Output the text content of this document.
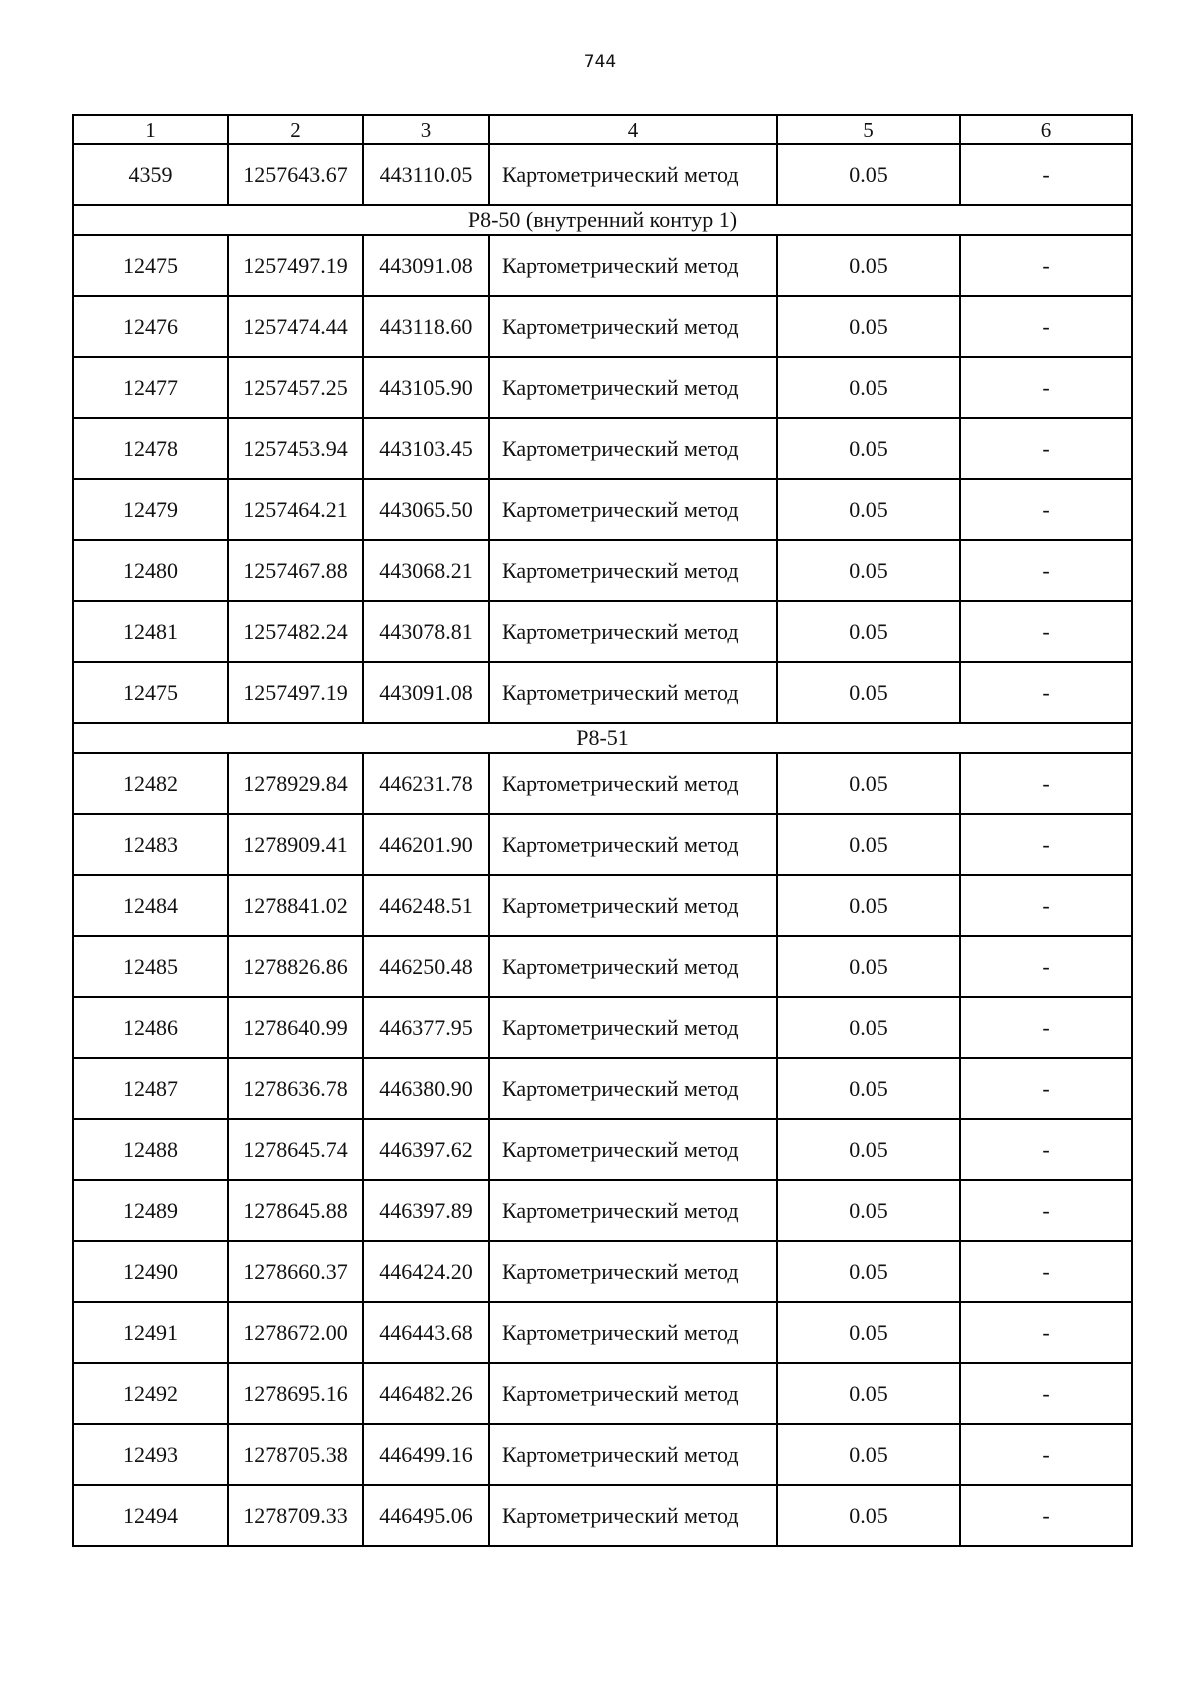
744
1	2	3	4	5	6
4359	1257643.67	443110.05	Картометрический метод	0.05	-
Р8-50 (внутренний контур 1)					
12475	1257497.19	443091.08	Картометрический метод	0.05	-
12476	1257474.44	443118.60	Картометрический метод	0.05	-
12477	1257457.25	443105.90	Картометрический метод	0.05	-
12478	1257453.94	443103.45	Картометрический метод	0.05	-
12479	1257464.21	443065.50	Картометрический метод	0.05	-
12480	1257467.88	443068.21	Картометрический метод	0.05	-
12481	1257482.24	443078.81	Картометрический метод	0.05	-
12475	1257497.19	443091.08	Картометрический метод	0.05	-
Р8-51					
12482	1278929.84	446231.78	Картометрический метод	0.05	-
12483	1278909.41	446201.90	Картометрический метод	0.05	-
12484	1278841.02	446248.51	Картометрический метод	0.05	-
12485	1278826.86	446250.48	Картометрический метод	0.05	-
12486	1278640.99	446377.95	Картометрический метод	0.05	-
12487	1278636.78	446380.90	Картометрический метод	0.05	-
12488	1278645.74	446397.62	Картометрический метод	0.05	-
12489	1278645.88	446397.89	Картометрический метод	0.05	-
12490	1278660.37	446424.20	Картометрический метод	0.05	-
12491	1278672.00	446443.68	Картометрический метод	0.05	-
12492	1278695.16	446482.26	Картометрический метод	0.05	-
12493	1278705.38	446499.16	Картометрический метод	0.05	-
12494	1278709.33	446495.06	Картометрический метод	0.05	-
